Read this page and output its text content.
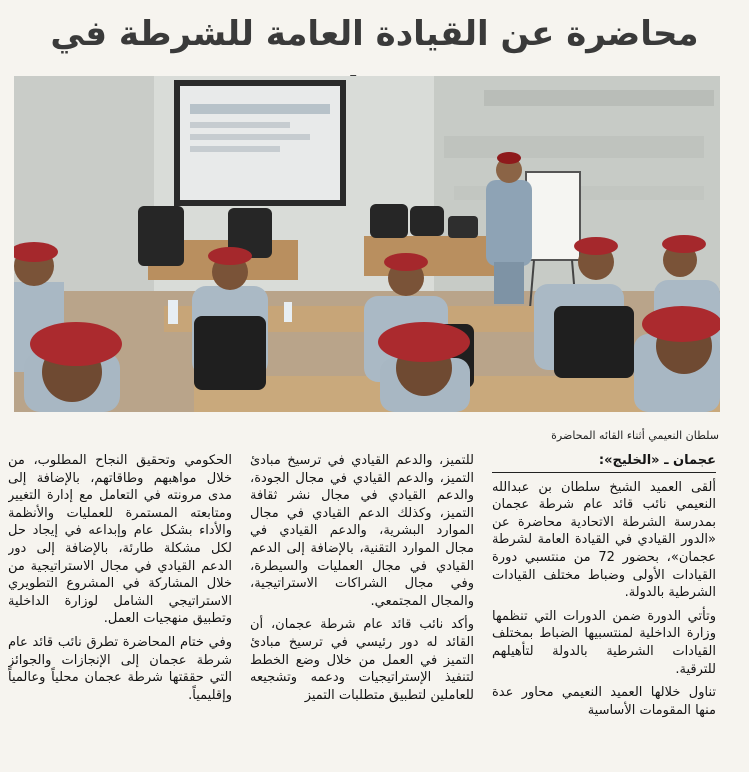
محاضرة عن القيادة العامة للشرطة في
سلطان النعيمي أثناء القائه المحاضرة
عجمان ـ «الخليج»:

ألقى العميد الشيخ سلطان بن عبدالله النعيمي نائب قائد عام شرطة عجمان بمدرسة الشرطة الاتحادية محاضرة عن «الدور القيادي في القيادة العامة لشرطة عجمان»، بحضور 72 من منتسبي دورة القيادات الأولى وضباط مختلف القيادات الشرطية بالدولة.

وتأتي الدورة ضمن الدورات التي تنظمها وزارة الداخلية لمنتسبيها الضباط بمختلف القيادات الشرطية بالدولة لتأهيلهم للترقية.

تناول خلالها العميد النعيمي محاور عدة منها المقومات الأساسية

للتميز، والدعم القيادي في ترسيخ مبادئ التميز، والدعم القيادي في مجال الجودة، والدعم القيادي في مجال نشر ثقافة التميز، وكذلك الدعم القيادي في مجال الموارد البشرية، والدعم القيادي في مجال الموارد التقنية، بالإضافة إلى الدعم القيادي في مجال العمليات والسيطرة، وفي مجال الشراكات الاستراتيجية، والمجال المجتمعي.

وأكد نائب قائد عام شرطة عجمان، أن القائد له دور رئيسي في ترسيخ مبادئ التميز في العمل من خلال وضع الخطط لتنفيذ الإستراتيجيات ودعمه وتشجيعه للعاملين لتطبيق متطلبات التميز

الحكومي وتحقيق النجاح المطلوب، من خلال مواهبهم وطاقاتهم، بالإضافة إلى مدى مرونته في التعامل مع إدارة التغيير ومتابعته المستمرة للعمليات والأنظمة والأداء بشكل عام وإبداعه في إيجاد حل لكل مشكلة طارئة، بالإضافة إلى دور الدعم القيادي في مجال الاستراتيجية من خلال المشاركة في المشروع التطويري الاستراتيجي الشامل لوزارة الداخلية وتطبيق منهجيات العمل.

وفي ختام المحاضرة تطرق نائب قائد عام شرطة عجمان إلى الإنجازات والجوائز التي حققتها شرطة عجمان محلياً وعالمياً وإقليمياً.
